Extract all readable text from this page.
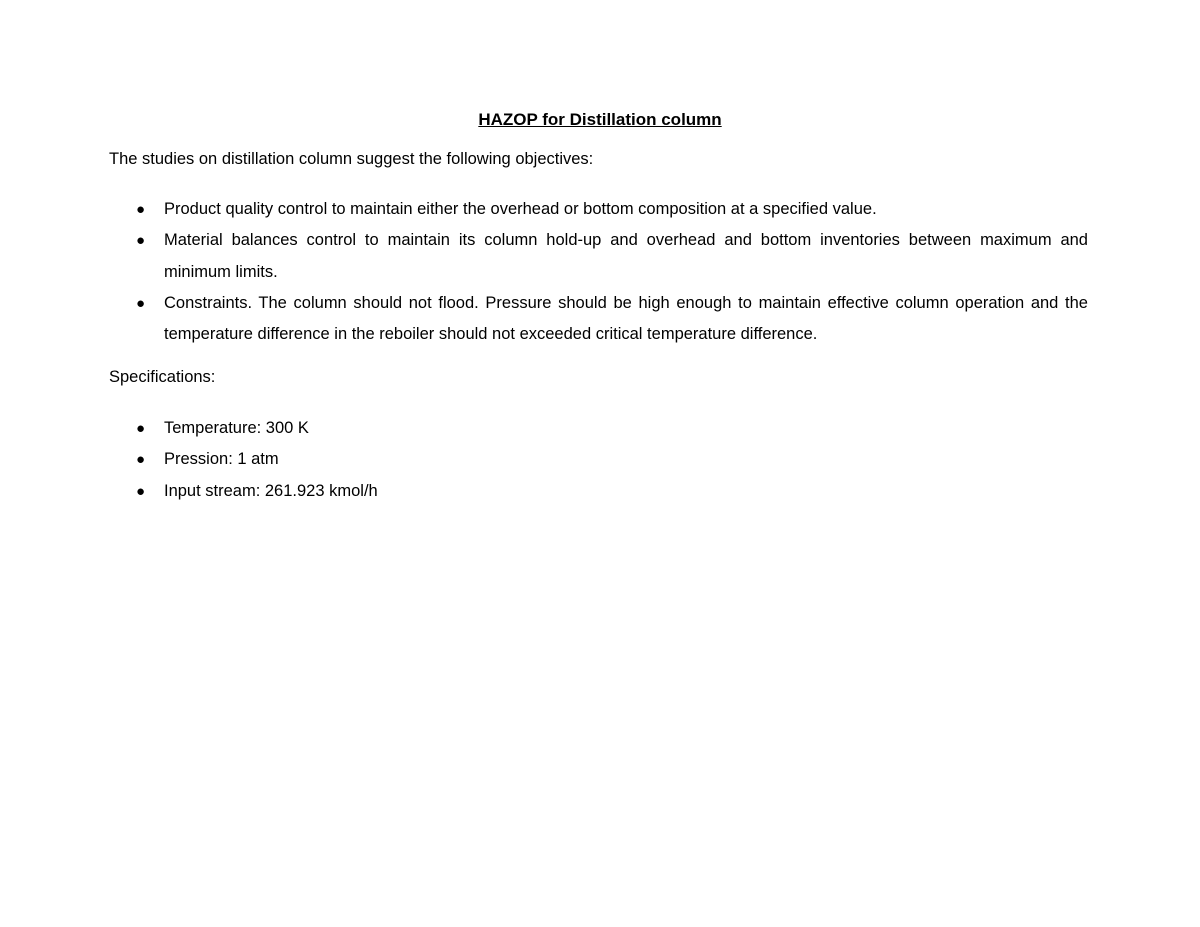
HAZOP for Distillation column
The studies on distillation column suggest the following objectives:
● Product quality control to maintain either the overhead or bottom composition at a specified value.
● Material balances control to maintain its column hold-up and overhead and bottom inventories between maximum and minimum limits.
● Constraints. The column should not flood. Pressure should be high enough to maintain effective column operation and the temperature difference in the reboiler should not exceeded critical temperature difference.
Specifications:
● Temperature: 300 K
● Pression: 1 atm
● Input stream: 261.923 kmol/h
